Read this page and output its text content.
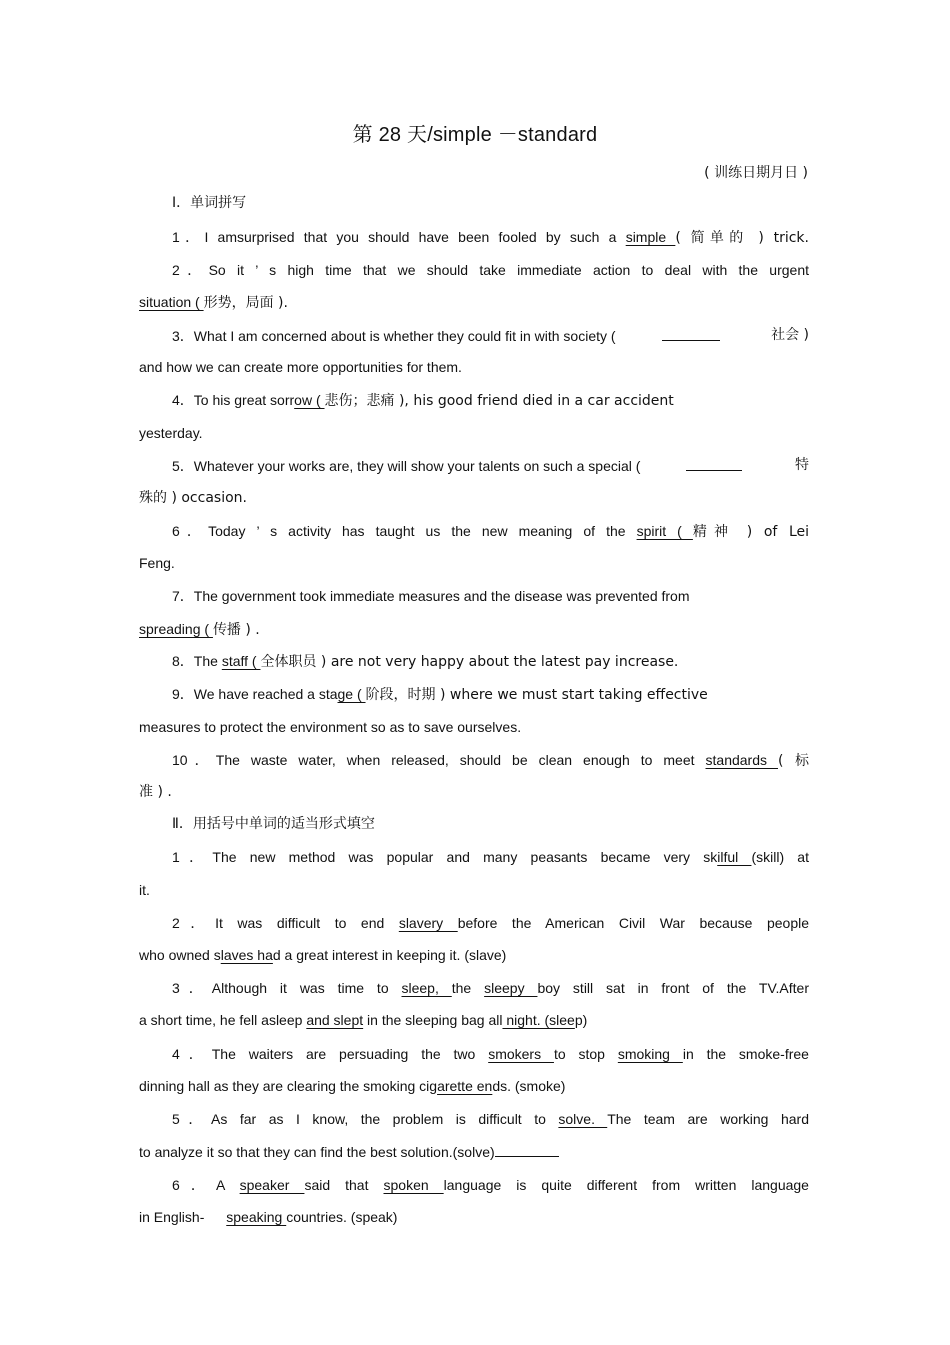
第 28 天/simple －standard
( 训练日期月日 )
Ⅰ．单词拼写
1．I amsurprised that you should have been fooled by such a simple ( 简单的 ) trick.
2．So it ’ s high time that we should take immediate action to deal with the urgent
situation ( 形势，局面 ).
3．What I am concerned about is whether they could fit in with society (	社会 )
and how we can create more opportunities for them.
4．To his great sorrow ( 悲伤；悲痛 ), his good friend died in a car accident
yesterday.
5．Whatever your works are, they will show your talents on such a special (	特
殊的 ) occasion.
6．Today ’ s activity has taught us the new meaning of the spirit ( 精神 ) of Lei
Feng.
7．The government took immediate measures and the disease was prevented from
spreading ( 传播 ) .
8．The staff ( 全体职员 ) are not very happy about the latest pay increase.
9．We have reached a stage ( 阶段，时期 ) where we must start taking effective
measures to protect the environment so as to save ourselves.
10．The waste water, when released, should be clean enough to meet standards ( 标
准 ) .
Ⅱ．用括号中单词的适当形式填空
1．The new method was popular and many peasants became very skilful (skill) at
it.
2．It was difficult to end slavery before the American Civil War because people
who owned slaves had a great interest in keeping it. (slave)
3．Although it was time to sleep, the sleepy boy still sat in front of the TV.After
a short time, he fell asleep and slept in the sleeping bag all night. (sleep)
4．The waiters are persuading the two smokers to stop smoking in the smoke-free
dinning hall as they are clearing the smoking cigarette ends. (smoke)
5．As far as I know, the problem is difficult to solve. The team are working hard
to analyze it so that they can find the best solution.(solve)
6．A speaker said that spoken language is quite different from written language
in English- speaking countries. (speak)
